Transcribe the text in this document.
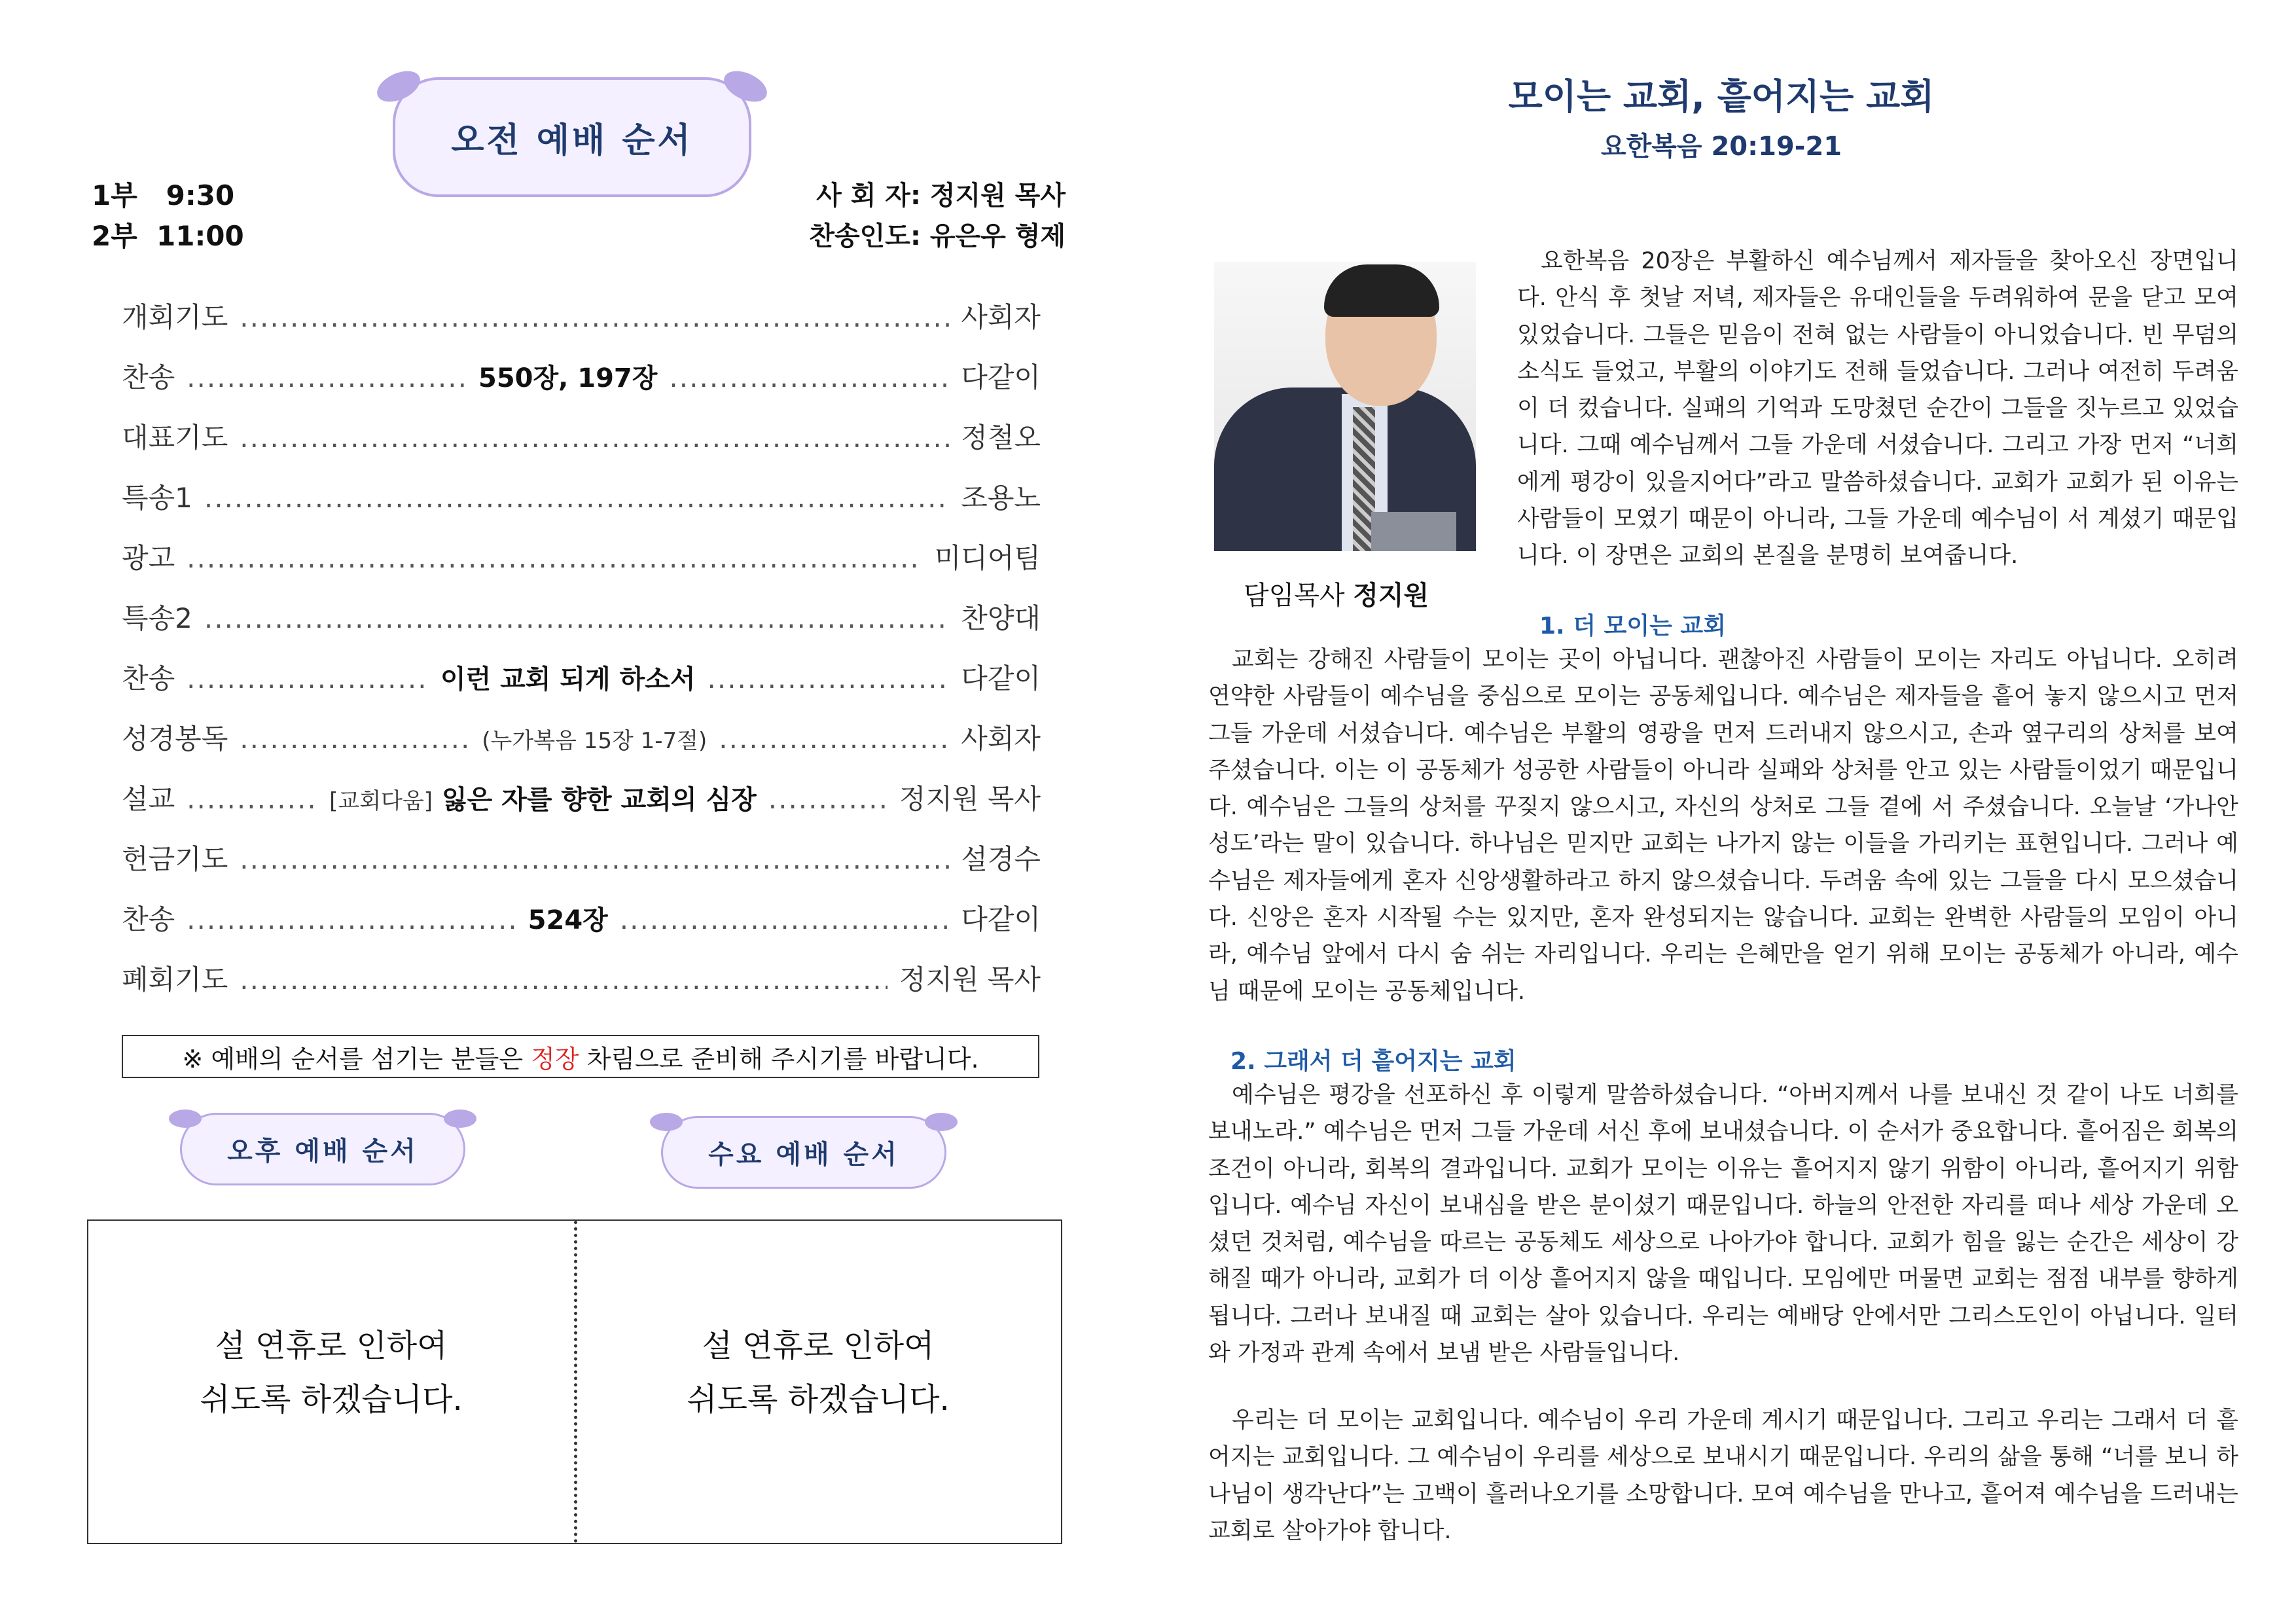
오전 예배 순서
1부   9:30
2부  11:00
사 회 자: 정지원 목사
찬송인도: 유은우 형제
개회기도 .....	사회자
찬송 .....	550장, 197장 .....	다같이
대표기도 .....	정철오
특송1 .....	조용노
광고 .....	미디어팀
특송2 .....	찬양대
찬송 .....	이런 교회 되게 하소서 .....	다같이
성경봉독 .....	(누가복음 15장 1-7절) .....	사회자
설교 .....	[교회다움] 잃은 자를 향한 교회의 심장 .....	정지원 목사
헌금기도 .....	설경수
찬송 .....	524장 .....	다같이
폐회기도 .....	정지원 목사
※ 예배의 순서를 섬기는 분들은 정장 차림으로 준비해 주시기를 바랍니다.
오후 예배 순서	수요 예배 순서
설 연휴로 인하여
쉬도록 하겠습니다.
설 연휴로 인하여
쉬도록 하겠습니다.
모이는 교회, 흩어지는 교회
요한복음 20:19-21
담임목사 정지원
요한복음 20장은 부활하신 예수님께서 제자들을 찾아오신 장면입니다. 안식 후 첫날 저녁, 제자들은 유대인들을 두려워하여 문을 닫고 모여 있었습니다. 그들은 믿음이 전혀 없는 사람들이 아니었습니다. 빈 무덤의 소식도 들었고, 부활의 이야기도 전해 들었습니다. 그러나 여전히 두려움이 더 컸습니다. 실패의 기억과 도망쳤던 순간이 그들을 짓누르고 있었습니다. 그때 예수님께서 그들 가운데 서셨습니다. 그리고 가장 먼저 “너희에게 평강이 있을지어다”라고 말씀하셨습니다. 교회가 교회가 된 이유는 사람들이 모였기 때문이 아니라, 그들 가운데 예수님이 서 계셨기 때문입니다. 이 장면은 교회의 본질을 분명히 보여줍니다.
1. 더 모이는 교회
교회는 강해진 사람들이 모이는 곳이 아닙니다. 괜찮아진 사람들이 모이는 자리도 아닙니다. 오히려 연약한 사람들이 예수님을 중심으로 모이는 공동체입니다. 예수님은 제자들을 흩어 놓지 않으시고 먼저 그들 가운데 서셨습니다. 예수님은 부활의 영광을 먼저 드러내지 않으시고, 손과 옆구리의 상처를 보여주셨습니다. 이는 이 공동체가 성공한 사람들이 아니라 실패와 상처를 안고 있는 사람들이었기 때문입니다. 예수님은 그들의 상처를 꾸짖지 않으시고, 자신의 상처로 그들 곁에 서 주셨습니다. 오늘날 ‘가나안 성도’라는 말이 있습니다. 하나님은 믿지만 교회는 나가지 않는 이들을 가리키는 표현입니다. 그러나 예수님은 제자들에게 혼자 신앙생활하라고 하지 않으셨습니다. 두려움 속에 있는 그들을 다시 모으셨습니다. 신앙은 혼자 시작될 수는 있지만, 혼자 완성되지는 않습니다. 교회는 완벽한 사람들의 모임이 아니라, 예수님 앞에서 다시 숨 쉬는 자리입니다. 우리는 은혜만을 얻기 위해 모이는 공동체가 아니라, 예수님 때문에 모이는 공동체입니다.
2. 그래서 더 흩어지는 교회
예수님은 평강을 선포하신 후 이렇게 말씀하셨습니다. “아버지께서 나를 보내신 것 같이 나도 너희를 보내노라.” 예수님은 먼저 그들 가운데 서신 후에 보내셨습니다. 이 순서가 중요합니다. 흩어짐은 회복의 조건이 아니라, 회복의 결과입니다. 교회가 모이는 이유는 흩어지지 않기 위함이 아니라, 흩어지기 위함입니다. 예수님 자신이 보내심을 받은 분이셨기 때문입니다. 하늘의 안전한 자리를 떠나 세상 가운데 오셨던 것처럼, 예수님을 따르는 공동체도 세상으로 나아가야 합니다. 교회가 힘을 잃는 순간은 세상이 강해질 때가 아니라, 교회가 더 이상 흩어지지 않을 때입니다. 모임에만 머물면 교회는 점점 내부를 향하게 됩니다. 그러나 보내질 때 교회는 살아 있습니다. 우리는 예배당 안에서만 그리스도인이 아닙니다. 일터와 가정과 관계 속에서 보냄 받은 사람들입니다.
우리는 더 모이는 교회입니다. 예수님이 우리 가운데 계시기 때문입니다. 그리고 우리는 그래서 더 흩어지는 교회입니다. 그 예수님이 우리를 세상으로 보내시기 때문입니다. 우리의 삶을 통해 “너를 보니 하나님이 생각난다”는 고백이 흘러나오기를 소망합니다. 모여 예수님을 만나고, 흩어져 예수님을 드러내는 교회로 살아가야 합니다.
